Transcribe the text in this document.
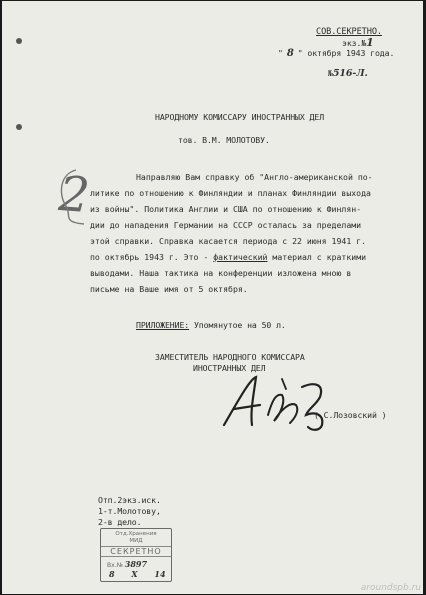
СОВ.СЕКРЕТНО.
экз.№1
" 8 " октября 1943 года.
№516-Л.
НАРОДНОМУ КОМИССАРУ ИНОСТРАННЫХ ДЕЛ
тов. В.М. МОЛОТОВУ.
2	Направляю Вам справку об "Англо-американской по-
литике по отношению к Финляндии и планах Финляндии выхода
из войны". Политика Англии и США по отношению к Финлян-
дии до нападения Германии на СССР осталась за пределами
этой справки. Справка касается периода с 22 июня 1941 г.
по октябрь 1943 г. Это - фактический материал с краткими
выводами. Наша тактика на конференции изложена мною в
письме на Ваше имя от 5 октября.
ПРИЛОЖЕНИЕ: Упомянутое на 50 л.
ЗАМЕСТИТЕЛЬ НАРОДНОГО КОМИССАРА
ИНОСТРАННЫХ ДЕЛ
( С.Лозовский )
Отп.2экз.иск.
1-т.Молотову,
2-в дело.
Отд.Хранения
МИД
СЕКРЕТНО
Вх.№ 3897
8 Х 14
aroundspb.ru
